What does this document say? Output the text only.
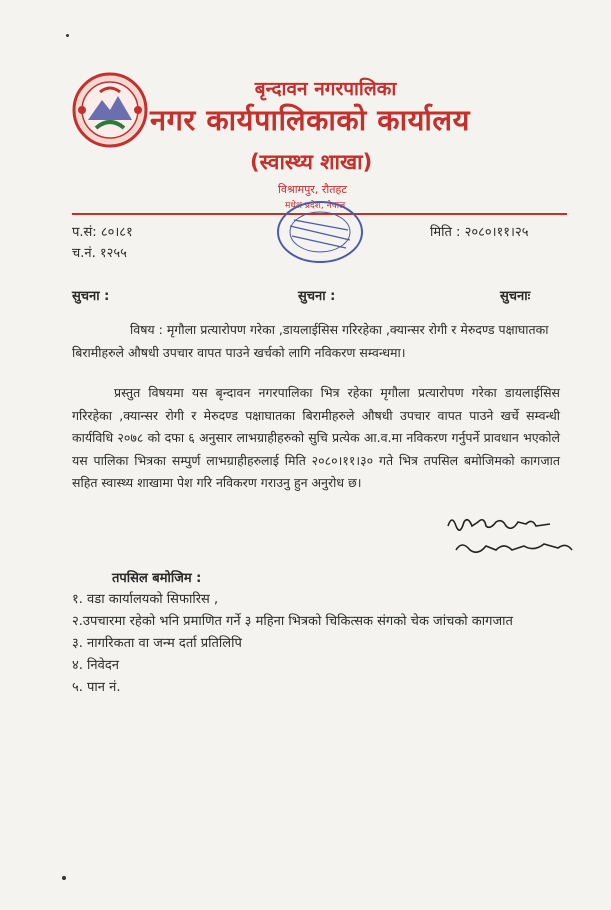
बृन्दावन नगरपालिका
नगर कार्यपालिकाको कार्यालय
(स्वास्थ्य शाखा)
विश्रामपुर, रौतहट
मधेश प्रदेश, नेपाल
प.सं: ८०।८१
च.नं. १२५५
मिति : २०८०।११।२५
सुचना :	सुचना :	सुचनाः
विषय : मृगौला प्रत्यारोपण गरेका ,डायलाईसिस गरिरहेका ,क्यान्सर रोगी र मेरुदण्ड पक्षाघातका बिरामीहरुले औषधी उपचार वापत पाउने खर्चको लागि नविकरण सम्वन्धमा।
प्रस्तुत विषयमा यस बृन्दावन नगरपालिका भित्र रहेका मृगौला प्रत्यारोपण गरेका डायलाईसिस गरिरहेका ,क्यान्सर रोगी र मेरुदण्ड पक्षाघातका बिरामीहरुले औषधी उपचार वापत पाउने खर्चे सम्वन्धी कार्यविधि २०७८ को दफा ६ अनुसार लाभग्राहीहरुको सुचि प्रत्येक आ.व.मा नविकरण गर्नुपर्ने प्रावधान भएकोले यस पालिका भित्रका सम्पुर्ण लाभग्राहीहरुलाई मिति २०८०।११।३० गते भित्र तपसिल बमोजिमको कागजात सहित स्वास्थ्य शाखामा पेश गरि नविकरण गराउनु हुन अनुरोध छ।
तपसिल बमोजिम :
१. वडा कार्यालयको सिफारिस ,
२.उपचारमा रहेको भनि प्रमाणित गर्ने ३ महिना भित्रको चिकित्सक संगको चेक जांचको कागजात
३. नागरिकता वा जन्म दर्ता प्रतिलिपि
४. निवेदन
५. पान नं.
